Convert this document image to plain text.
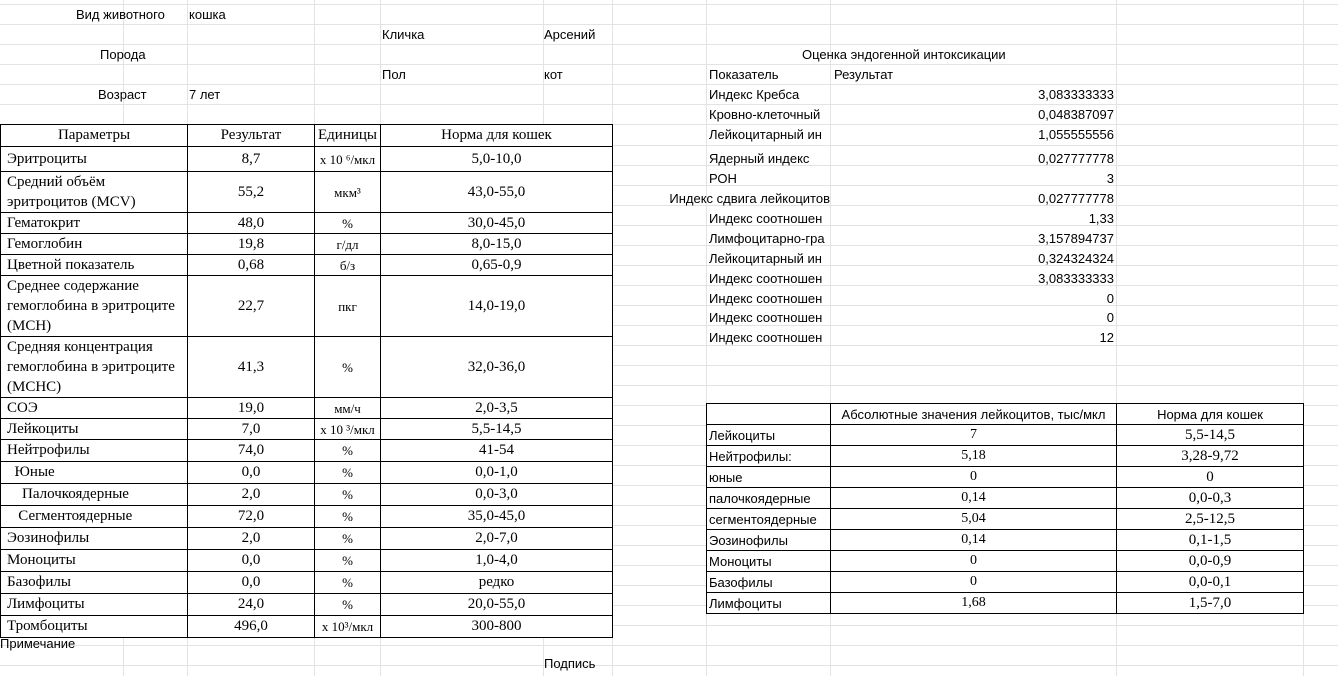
Вид животного кошка
Кличка	Арсений
Порода
Пол	кот
Возраст	7 лет
Параметры	Результат	Единицы	Норма для кошек
Эритроциты	8,7	х 10 ⁶/мкл	5,0-10,0
Средний объём эритроцитов (MCV)	55,2	мкм³	43,0-55,0
Гематокрит	48,0	%	30,0-45,0
Гемоглобин	19,8	г/дл	8,0-15,0
Цветной показатель	0,68	б/з	0,65-0,9
Среднее содержание гемоглобина в эритроците (MCH)	22,7	пкг	14,0-19,0
Средняя концентрация гемоглобина в эритроците (MCHC)	41,3	%	32,0-36,0
СОЭ	19,0	мм/ч	2,0-3,5
Лейкоциты	7,0	х 10 ³/мкл	5,5-14,5
Нейтрофилы	74,0	%	41-54
Юные	0,0	%	0,0-1,0
Палочкоядерные	2,0	%	0,0-3,0
Сегментоядерные	72,0	%	35,0-45,0
Эозинофилы	2,0	%	2,0-7,0
Моноциты	0,0	%	1,0-4,0
Базофилы	0,0	%	редко
Лимфоциты	24,0	%	20,0-55,0
Тромбоциты	496,0	х 10³/мкл	300-800
Оценка эндогенной интоксикации
Показатель	Результат
Индекс Кребса	3,083333333
Кровно-клеточный	0,048387097
Лейкоцитарный ин	1,055555556
Ядерный индекс	0,027777778
РОН	3
Индекс сдвига лейкоцитов	0,027777778
Индекс соотношен	1,33
Лимфоцитарно-гра	3,157894737
Лейкоцитарный ин	0,324324324
Индекс соотношен	3,083333333
Индекс соотношен	0
Индекс соотношен	0
Индекс соотношен	12
	Абсолютные значения лейкоцитов, тыс/мкл	Норма для кошек
Лейкоциты	7	5,5-14,5
Нейтрофилы:	5,18	3,28-9,72
юные	0	0
палочкоядерные	0,14	0,0-0,3
сегментоядерные	5,04	2,5-12,5
Эозинофилы	0,14	0,1-1,5
Моноциты	0	0,0-0,9
Базофилы	0	0,0-0,1
Лимфоциты	1,68	1,5-7,0
Примечание
Подпись
